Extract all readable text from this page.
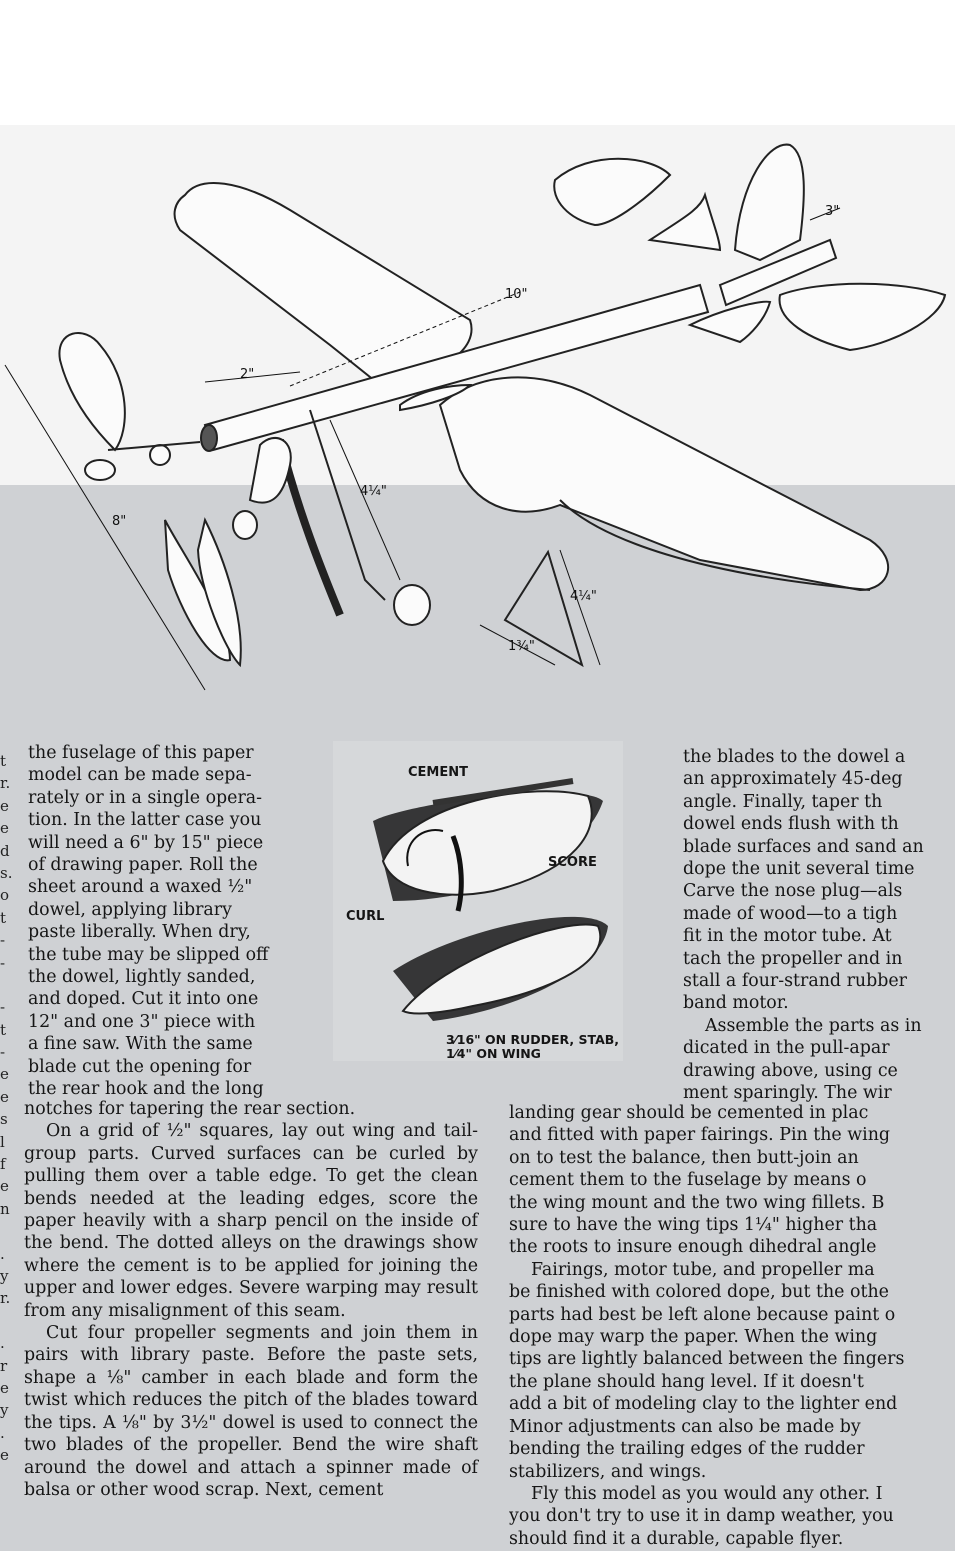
10"
3"
2"
4¼"
8"
4¼"
1¾"
CEMENT
SCORE
CURL
3⁄16" ON RUDDER, STAB,
1⁄4" ON WING
t
r.
e
e
d
s.
o
t
-
-
-
t
-
e
e
s
l
f
e
n
.
y
r.
.
r
e
y
.
e

the fuselage of this paper

model can be made sepa-

rately or in a single opera-

tion. In the latter case you

will need a 6" by 15" piece

of drawing paper. Roll the

sheet around a waxed ½"

dowel, applying library

paste liberally. When dry,

the tube may be slipped off

the dowel, lightly sanded,

and doped. Cut it into one

12" and one 3" piece with

a fine saw. With the same

blade cut the opening for

the rear hook and the long

notches for tapering the rear section.

On a grid of ½" squares, lay out wing and tail-group parts. Curved surfaces can be curled by pulling them over a table edge. To get the clean bends needed at the leading edges, score the paper heavily with a sharp pencil on the inside of the bend. The dotted alleys on the drawings show where the cement is to be applied for joining the upper and lower edges. Severe warping may result from any misalignment of this seam.

Cut four propeller segments and join them in pairs with library paste. Before the paste sets, shape a ⅛" camber in each blade and form the twist which reduces the pitch of the blades toward the tips. A ⅛" by 3½" dowel is used to connect the two blades of the propeller. Bend the wire shaft around the dowel and attach a spinner made of balsa or other wood scrap. Next, cement

the blades to the dowel a

an approximately 45-deg

angle. Finally, taper th

dowel ends flush with th

blade surfaces and sand an

dope the unit several time

Carve the nose plug—als

made of wood—to a tigh

fit in the motor tube. At

tach the propeller and in

stall a four-strand rubber

band motor.

Assemble the parts as in

dicated in the pull-apar

drawing above, using ce

ment sparingly. The wir

landing gear should be cemented in plac

and fitted with paper fairings. Pin the wing

on to test the balance, then butt-join an

cement them to the fuselage by means o

the wing mount and the two wing fillets. B

sure to have the wing tips 1¼" higher tha

the roots to insure enough dihedral angle

Fairings, motor tube, and propeller ma

be finished with colored dope, but the othe

parts had best be left alone because paint o

dope may warp the paper. When the wing

tips are lightly balanced between the fingers

the plane should hang level. If it doesn't

add a bit of modeling clay to the lighter end

Minor adjustments can also be made by

bending the trailing edges of the rudder

stabilizers, and wings.

Fly this model as you would any other. I

you don't try to use it in damp weather, you

should find it a durable, capable flyer.
